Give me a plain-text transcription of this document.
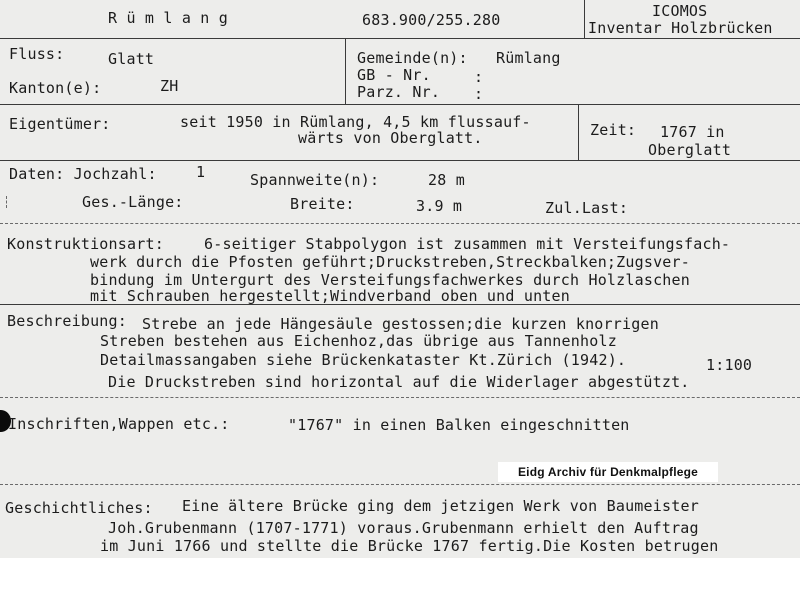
R ü m l a n g	683.900/255.280	ICOMOS
Inventar Holzbrücken
Fluss:	Glatt
Kanton(e):	ZH
Gemeinde(n): Rümlang
GB - Nr.	:
Parz. Nr. :
Eigentümer:	seit 1950 in Rümlang, 4,5 km flussauf-
wärts von Oberglatt.	Zeit: 1767 in
Oberglatt
Daten: Jochzahl:	1	Spannweite(n):	28 m
Ges.-Länge:	Breite:	3.9 m	Zul.Last:
Konstruktionsart:	6-seitiger Stabpolygon ist zusammen mit Versteifungsfach-
werk durch die Pfosten geführt;Druckstreben,Streckbalken;Zugsver-
bindung im Untergurt des Versteifungsfachwerkes durch Holzlaschen
mit Schrauben hergestellt;Windverband oben und unten
Beschreibung: Strebe an jede Hängesäule gestossen;die kurzen knorrigen
Streben bestehen aus Eichenhoz,das übrige aus Tannenholz
Detailmassangaben siehe Brückenkataster Kt.Zürich (1942).	1:100
Die Druckstreben sind horizontal auf die Widerlager abgestützt.
Inschriften,Wappen etc.:	"1767" in einen Balken eingeschnitten
Geschichtliches: Eine ältere Brücke ging dem jetzigen Werk von Baumeister
Joh.Grubenmann (1707-1771) voraus.Grubenmann erhielt den Auftrag
im Juni 1766 und stellte die Brücke 1767 fertig.Die Kosten betrugen
Eidg Archiv für Denkmalpflege
